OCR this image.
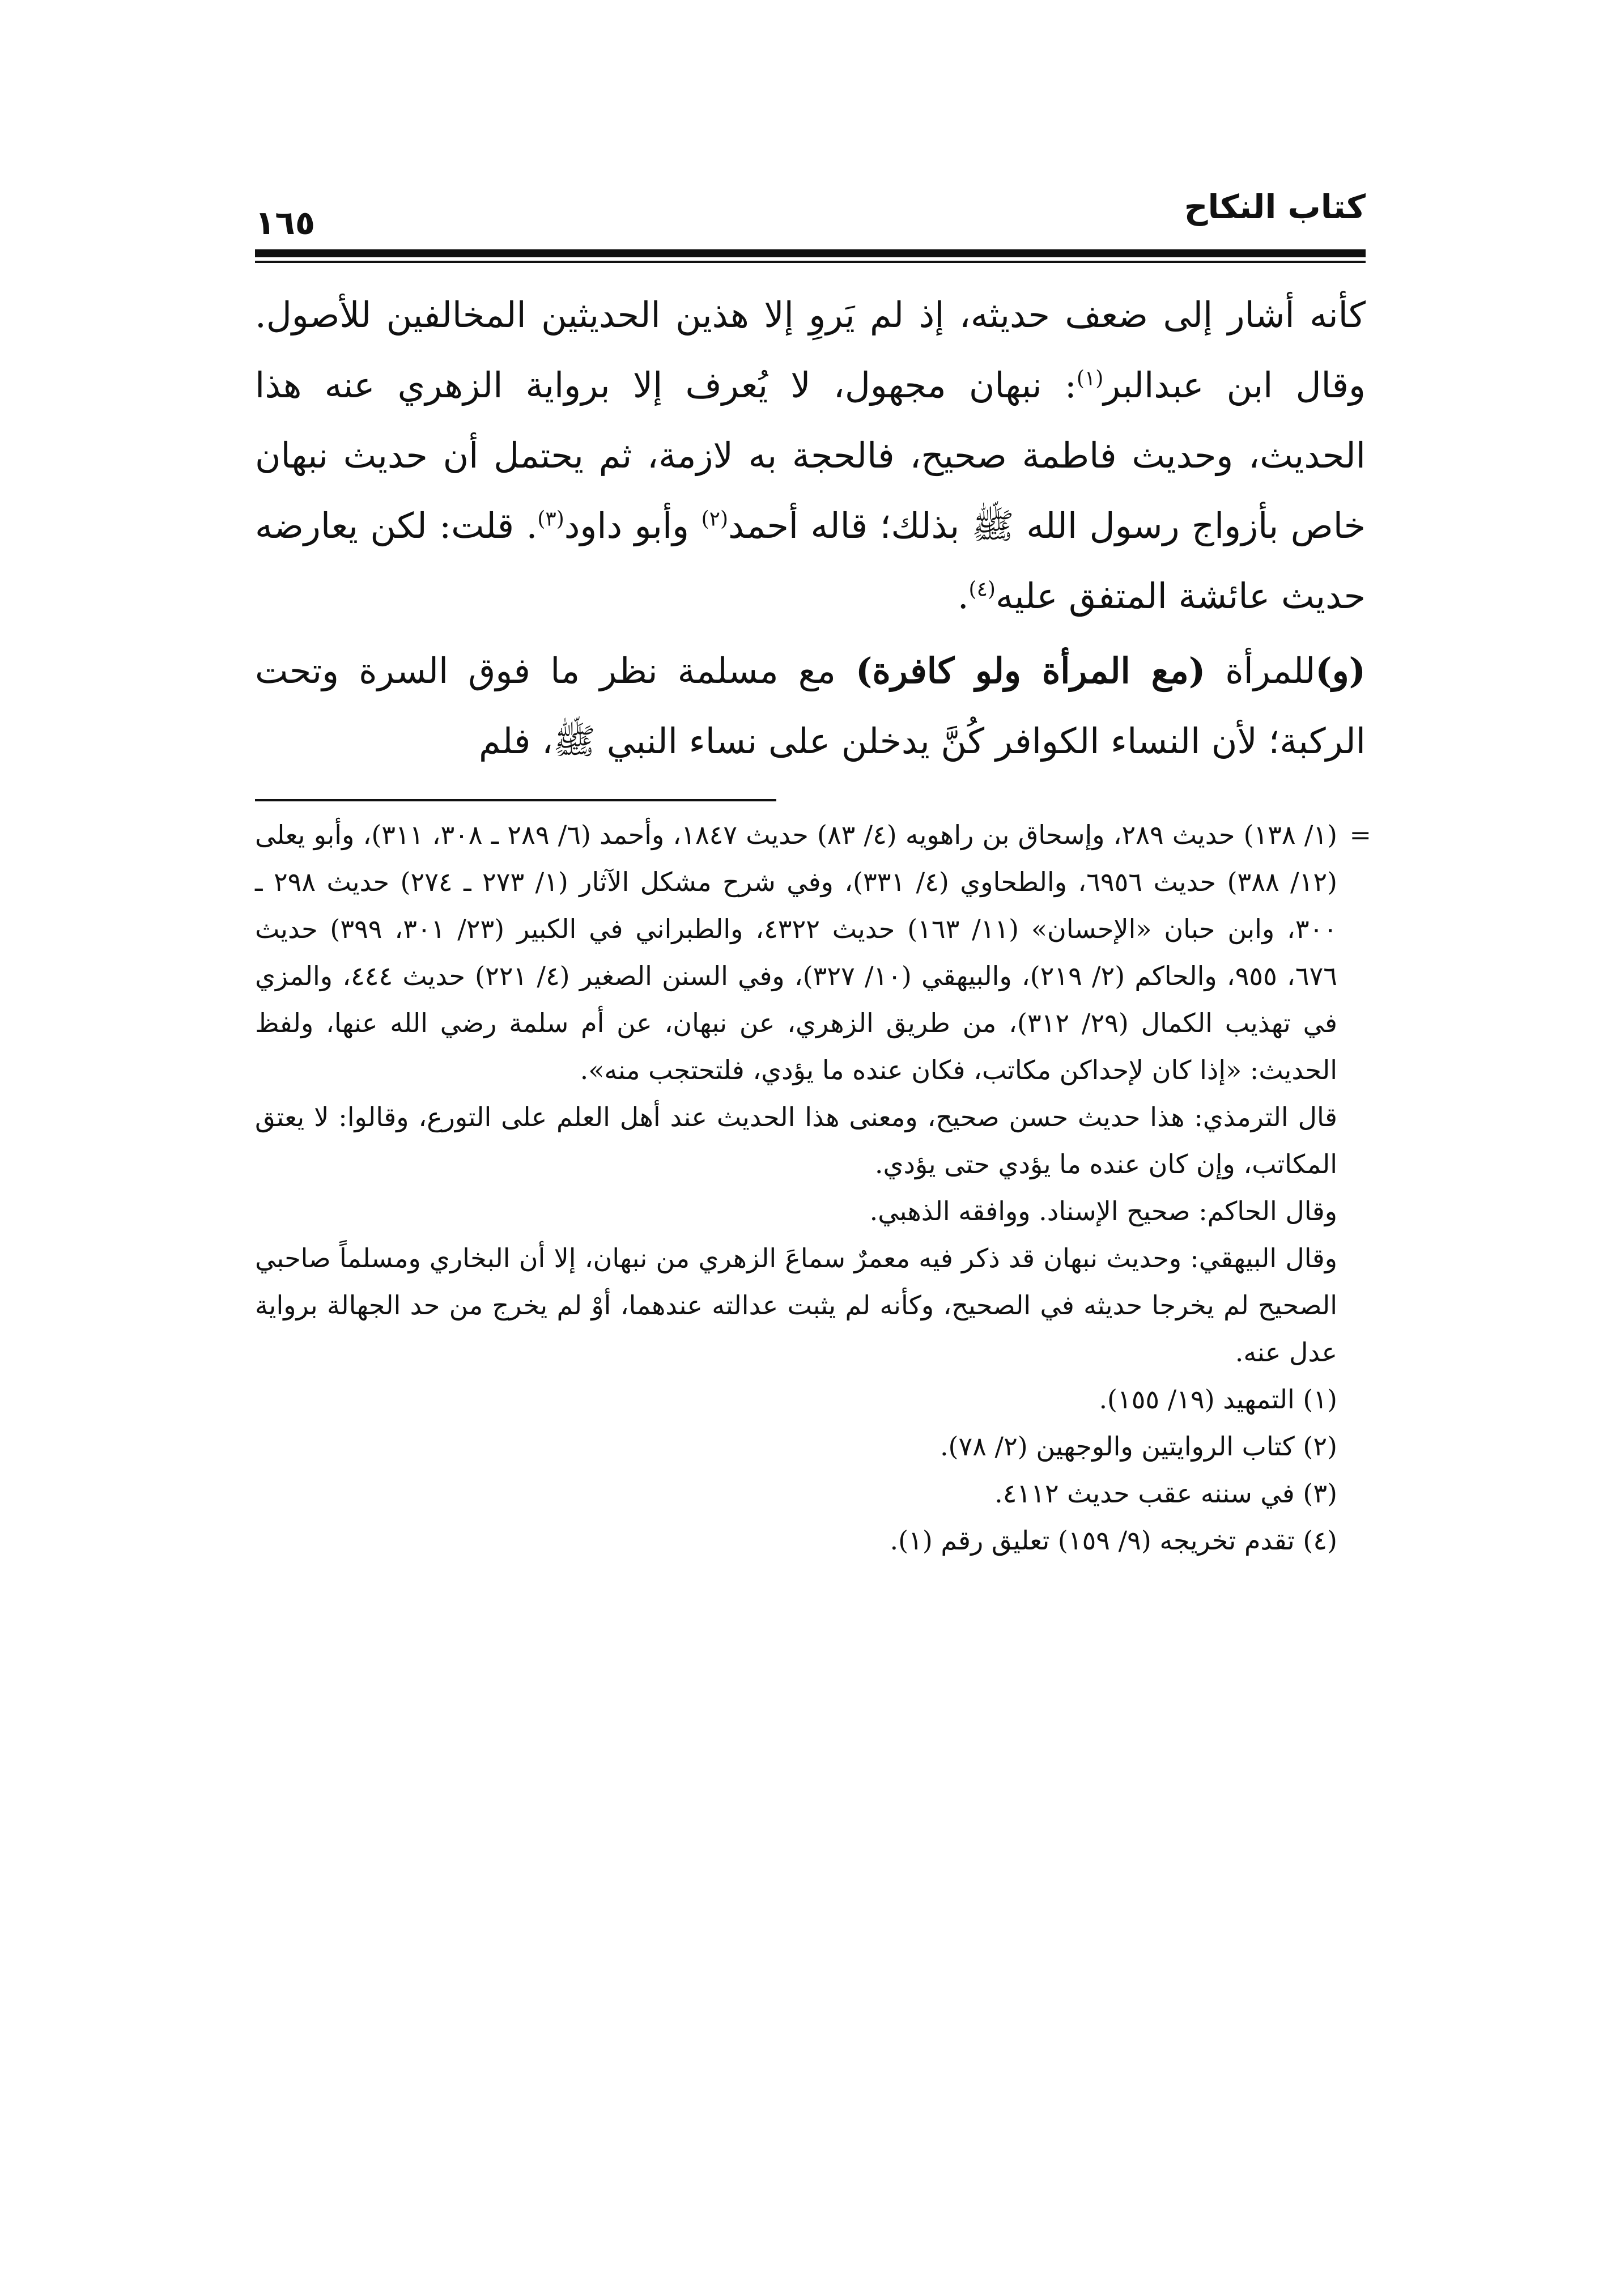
كتاب النكاح
١٦٥

كأنه أشار إلى ضعف حديثه، إذ لم يَروِ إلا هذين الحديثين المخالفين للأصول. وقال ابن عبدالبر$^{(١)}$: نبهان مجهول، لا يُعرف إلا برواية الزهري عنه هذا الحديث، وحديث فاطمة صحيح، فالحجة به لازمة، ثم يحتمل أن حديث نبهان خاص بأزواج رسول الله ﷺ بذلك؛ قاله أحمد$^{(٢)}$ وأبو داود$^{(٣)}$. قلت: لكن يعارضه حديث عائشة المتفق عليه$^{(٤)}$.

(و)للمرأة (مع المرأة ولو كافرة) مع مسلمة نظر ما فوق السرة وتحت الركبة؛ لأن النساء الكوافر كُنَّ يدخلن على نساء النبي ﷺ، فلم

=

(١/ ١٣٨) حديث ٢٨٩، وإسحاق بن راهويه (٤/ ٨٣) حديث ١٨٤٧، وأحمد (٦/ ٢٨٩ ـ ٣٠٨، ٣١١)، وأبو يعلى (١٢/ ٣٨٨) حديث ٦٩٥٦، والطحاوي (٤/ ٣٣١)، وفي شرح مشكل الآثار (١/ ٢٧٣ ـ ٢٧٤) حديث ٢٩٨ ـ ٣٠٠، وابن حبان «الإحسان» (١١/ ١٦٣) حديث ٤٣٢٢، والطبراني في الكبير (٢٣/ ٣٠١، ٣٩٩) حديث ٦٧٦، ٩٥٥، والحاكم (٢/ ٢١٩)، والبيهقي (١٠/ ٣٢٧)، وفي السنن الصغير (٤/ ٢٢١) حديث ٤٤٤، والمزي في تهذيب الكمال (٢٩/ ٣١٢)، من طريق الزهري، عن نبهان، عن أم سلمة رضي الله عنها، ولفظ الحديث: «إذا كان لإحداكن مكاتب، فكان عنده ما يؤدي، فلتحتجب منه».

قال الترمذي: هذا حديث حسن صحيح، ومعنى هذا الحديث عند أهل العلم على التورع، وقالوا: لا يعتق المكاتب، وإن كان عنده ما يؤدي حتى يؤدي.

وقال الحاكم: صحيح الإسناد. ووافقه الذهبي.

وقال البيهقي: وحديث نبهان قد ذكر فيه معمرٌ سماعَ الزهري من نبهان، إلا أن البخاري ومسلماً صاحبي الصحيح لم يخرجا حديثه في الصحيح، وكأنه لم يثبت عدالته عندهما، أوْ لم يخرج من حد الجهالة برواية عدل عنه.

(١) التمهيد (١٩/ ١٥٥).

(٢) كتاب الروايتين والوجهين (٢/ ٧٨).

(٣) في سننه عقب حديث ٤١١٢.

(٤) تقدم تخريجه (٩/ ١٥٩) تعليق رقم (١).
